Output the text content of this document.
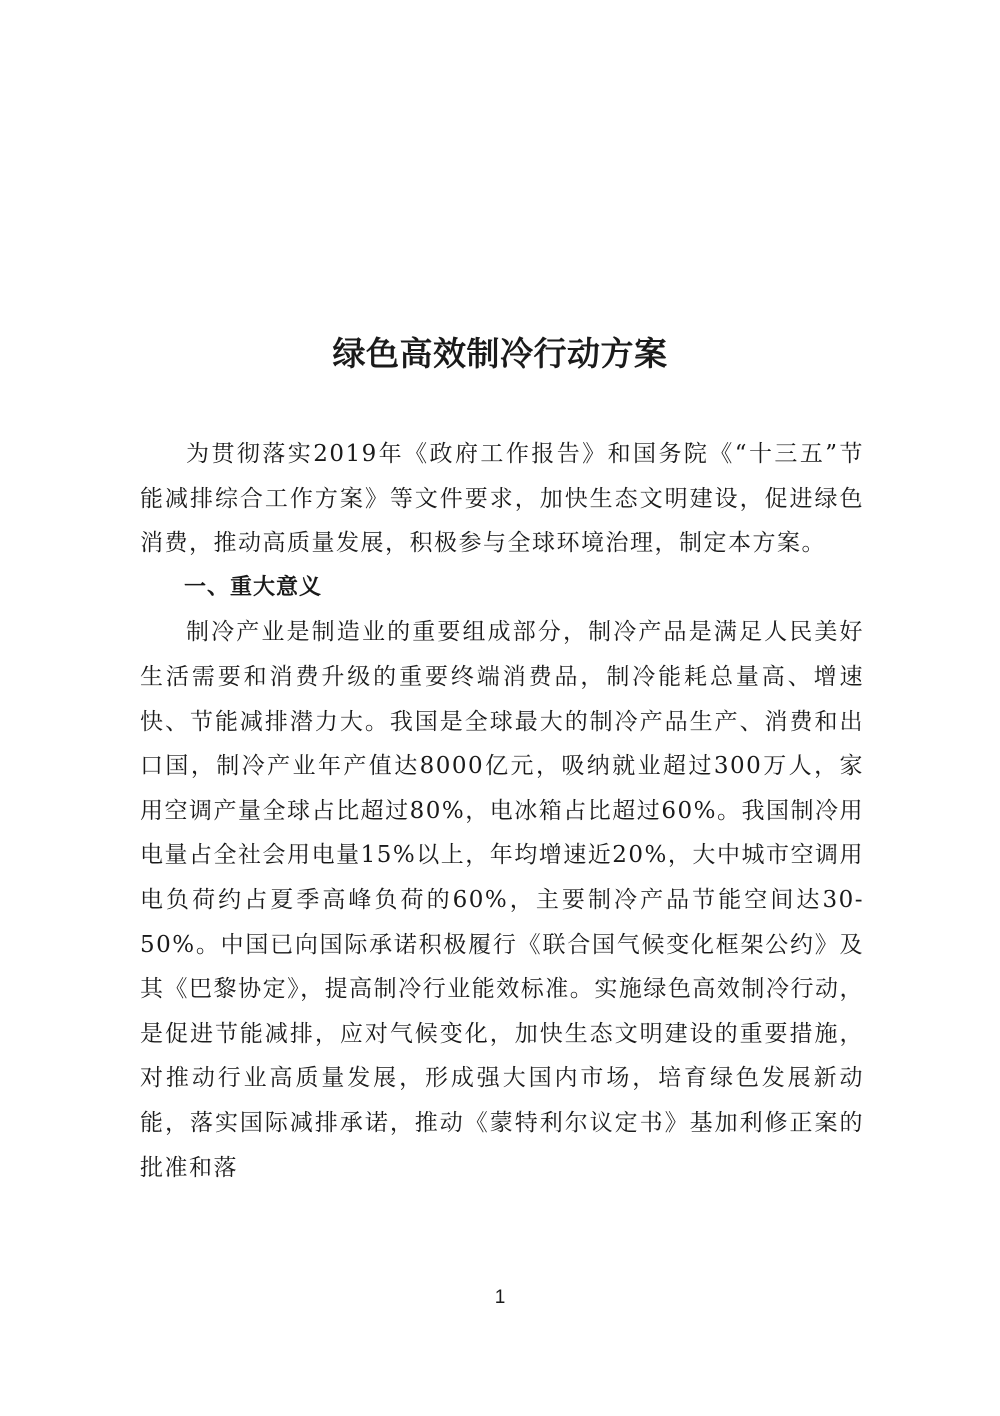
绿色高效制冷行动方案

为贯彻落实2019年《政府工作报告》和国务院《“十三五”节能减排综合工作方案》等文件要求，加快生态文明建设，促进绿色消费，推动高质量发展，积极参与全球环境治理，制定本方案。

一、重大意义

制冷产业是制造业的重要组成部分，制冷产品是满足人民美好生活需要和消费升级的重要终端消费品，制冷能耗总量高、增速快、节能减排潜力大。我国是全球最大的制冷产品生产、消费和出口国，制冷产业年产值达8000亿元，吸纳就业超过300万人，家用空调产量全球占比超过80%，电冰箱占比超过60%。我国制冷用电量占全社会用电量15%以上，年均增速近20%，大中城市空调用电负荷约占夏季高峰负荷的60%，主要制冷产品节能空间达30-50%。中国已向国际承诺积极履行《联合国气候变化框架公约》及其《巴黎协定》，提高制冷行业能效标准。实施绿色高效制冷行动，是促进节能减排，应对气候变化，加快生态文明建设的重要措施，对推动行业高质量发展，形成强大国内市场，培育绿色发展新动能，落实国际减排承诺，推动《蒙特利尔议定书》基加利修正案的批准和落

1
